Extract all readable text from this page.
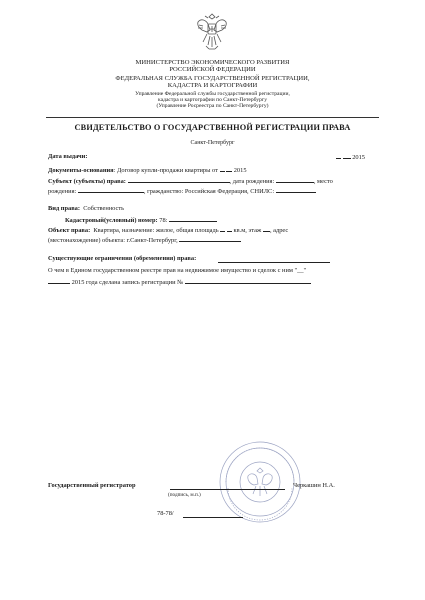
МИНИСТЕРСТВО ЭКОНОМИЧЕСКОГО РАЗВИТИЯ
РОССИЙСКОЙ ФЕДЕРАЦИИ
ФЕДЕРАЛЬНАЯ СЛУЖБА ГОСУДАРСТВЕННОЙ РЕГИСТРАЦИИ,
КАДАСТРА И КАРТОГРАФИИ
Управление Федеральной службы государственной регистрации,
кадастра и картографии по Санкт-Петербургу
(Управление Росреестра по Санкт-Петербургу)
СВИДЕТЕЛЬСТВО О ГОСУДАРСТВЕННОЙ РЕГИСТРАЦИИ ПРАВА
Санкт-Петербург
Дата выдачи:	2015
Документы-основания: Договор купли-продажи квартиры от 2015
Субъект (субъекты) права:	, дата рождения:	, место
рождения:	, гражданство: Российская Федерация, СНИЛС:
Вид права: Собственность
Кадастровый(условный) номер: 78:
Объект права: Квартира, назначение: жилое, общая площадь кв.м, этаж , адрес
(местонахождение) объекта: г.Санкт-Петербург,
Существующие ограничения (обременения) права:
О чем в Едином государственном реестре прав на недвижимое имущество и сделок с ним "__"
2015 года сделана запись регистрации №
Государственный регистратор
(подпись, м.п.)
Черкашин Н.А.
78-78/
